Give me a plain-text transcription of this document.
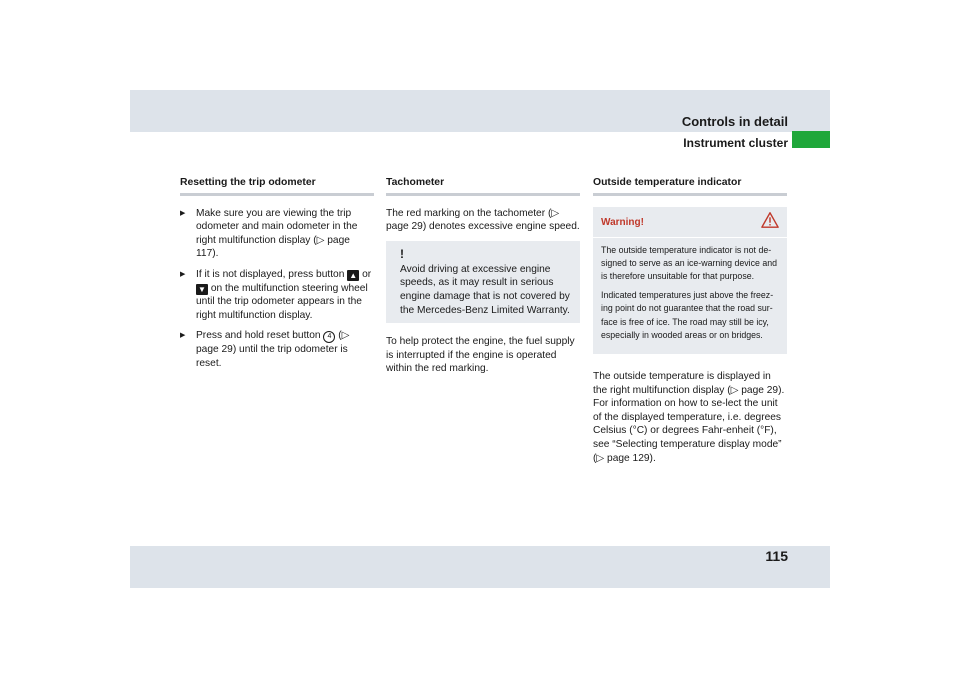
Controls in detail
Instrument cluster
115
Resetting the trip odometer
▶ Make sure you are viewing the trip odometer and main odometer in the right multifunction display (▷ page 117).
▶ If it is not displayed, press button ▲ or ▼ on the multifunction steering wheel until the trip odometer appears in the right multifunction display.
▶ Press and hold reset button 4 (▷ page 29) until the trip odometer is reset.
Tachometer

The red marking on the tachometer (▷ page 29) denotes excessive engine speed.

!
Avoid driving at excessive engine speeds, as it may result in serious engine damage that is not covered by the Mercedes-Benz Limited Warranty.

To help protect the engine, the fuel supply is interrupted if the engine is operated within the red marking.

Outside temperature indicator
Warning!

The outside temperature indicator is not de-signed to serve as an ice-warning device and is therefore unsuitable for that purpose.

Indicated temperatures just above the freez-ing point do not guarantee that the road sur-face is free of ice. The road may still be icy, especially in wooded areas or on bridges.

The outside temperature is displayed in the right multifunction display (▷ page 29). For information on how to se-lect the unit of the displayed temperature, i.e. degrees Celsius (°C) or degrees Fahr-enheit (°F), see “Selecting temperature display mode” (▷ page 129).
